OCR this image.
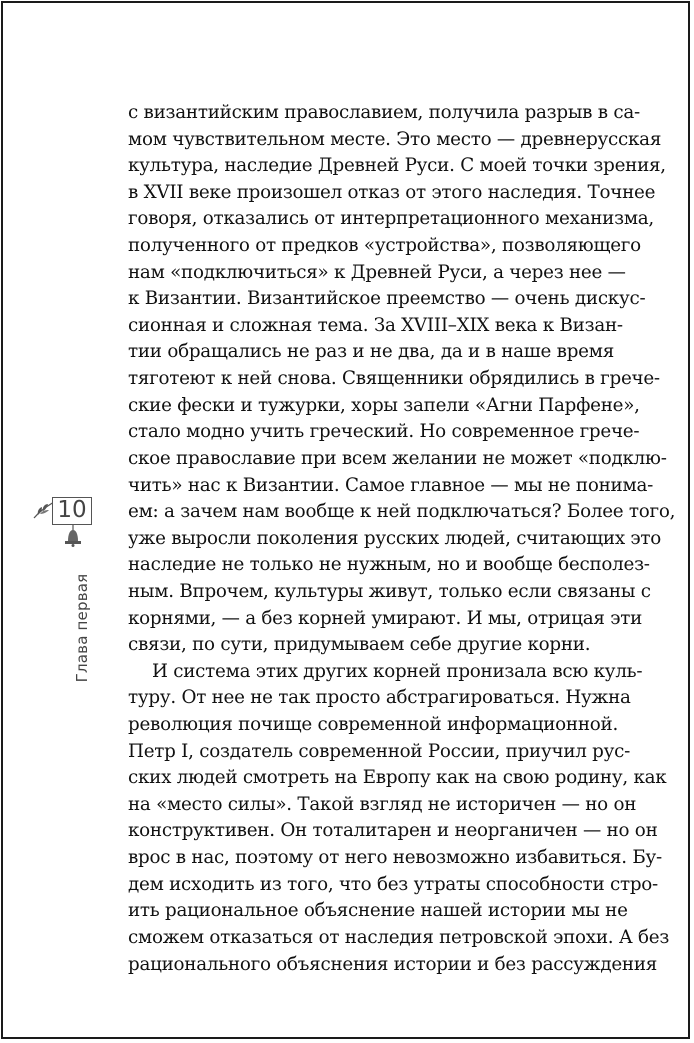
10
Глава первая
с византийским православием, получила разрыв в са-
мом чувствительном месте. Это место — древнерусская
культура, наследие Древней Руси. С моей точки зрения,
в XVII веке произошел отказ от этого наследия. Точнее
говоря, отказались от интерпретационного механизма,
полученного от предков «устройства», позволяющего
нам «подключиться» к Древней Руси, а через нее —
к Византии. Византийское преемство — очень дискус-
сионная и сложная тема. За XVIII–XIX века к Визан-
тии обращались не раз и не два, да и в наше время
тяготеют к ней снова. Священники обрядились в грече-
ские фески и тужурки, хоры запели «Агни Парфене»,
стало модно учить греческий. Но современное грече-
ское православие при всем желании не может «подклю-
чить» нас к Византии. Самое главное — мы не понима-
ем: а зачем нам вообще к ней подключаться? Более того,
уже выросли поколения русских людей, считающих это
наследие не только не нужным, но и вообще бесполез-
ным. Впрочем, культуры живут, только если связаны с
корнями, — а без корней умирают. И мы, отрицая эти
связи, по сути, придумываем себе другие корни.
И система этих других корней пронизала всю куль-
туру. От нее не так просто абстрагироваться. Нужна
революция почище современной информационной.
Петр I, создатель современной России, приучил рус-
ских людей смотреть на Европу как на свою родину, как
на «место силы». Такой взгляд не историчен — но он
конструктивен. Он тоталитарен и неорганичен — но он
врос в нас, поэтому от него невозможно избавиться. Бу-
дем исходить из того, что без утраты способности стро-
ить рациональное объяснение нашей истории мы не
сможем отказаться от наследия петровской эпохи. А без
рационального объяснения истории и без рассуждения
